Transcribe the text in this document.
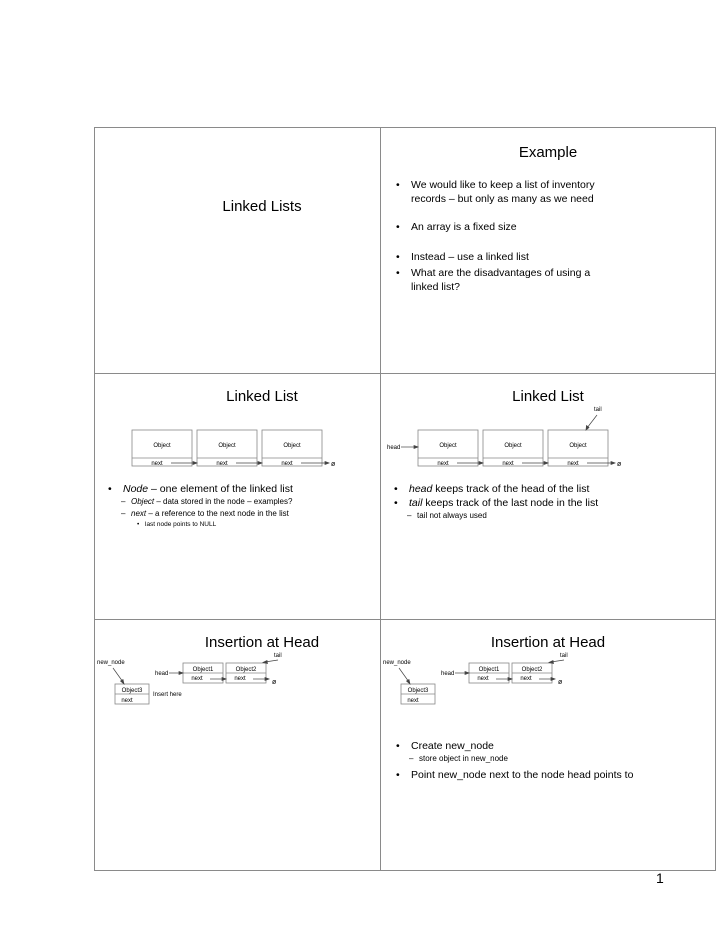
Linked Lists
Example
• We would like to keep a list of inventory records – but only as many as we need
• An array is a fixed size
• Instead – use a linked list
• What are the disadvantages of using a linked list?
Linked List
Object
next
Object
next
Object
next	ø
• Node – one element of the linked list
– Object – data stored in the node – examples?
– next – a reference to the next node in the list
• last node points to NULL
Linked List
Object
next
Object
next
Object
next
head
tail
ø
• head keeps track of the head of the list
• tail keeps track of the last node in the list
– tail not always used
Insertion at Head
new_node
head
tail
Object1
next
Object2
next
Object3
next
Insert here
ø
Insertion at Head
new_node
head
tail
Object1
next
Object2
next
Object3
next
ø
• Create new_node
– store object in new_node
• Point new_node next to the node head points to
1
